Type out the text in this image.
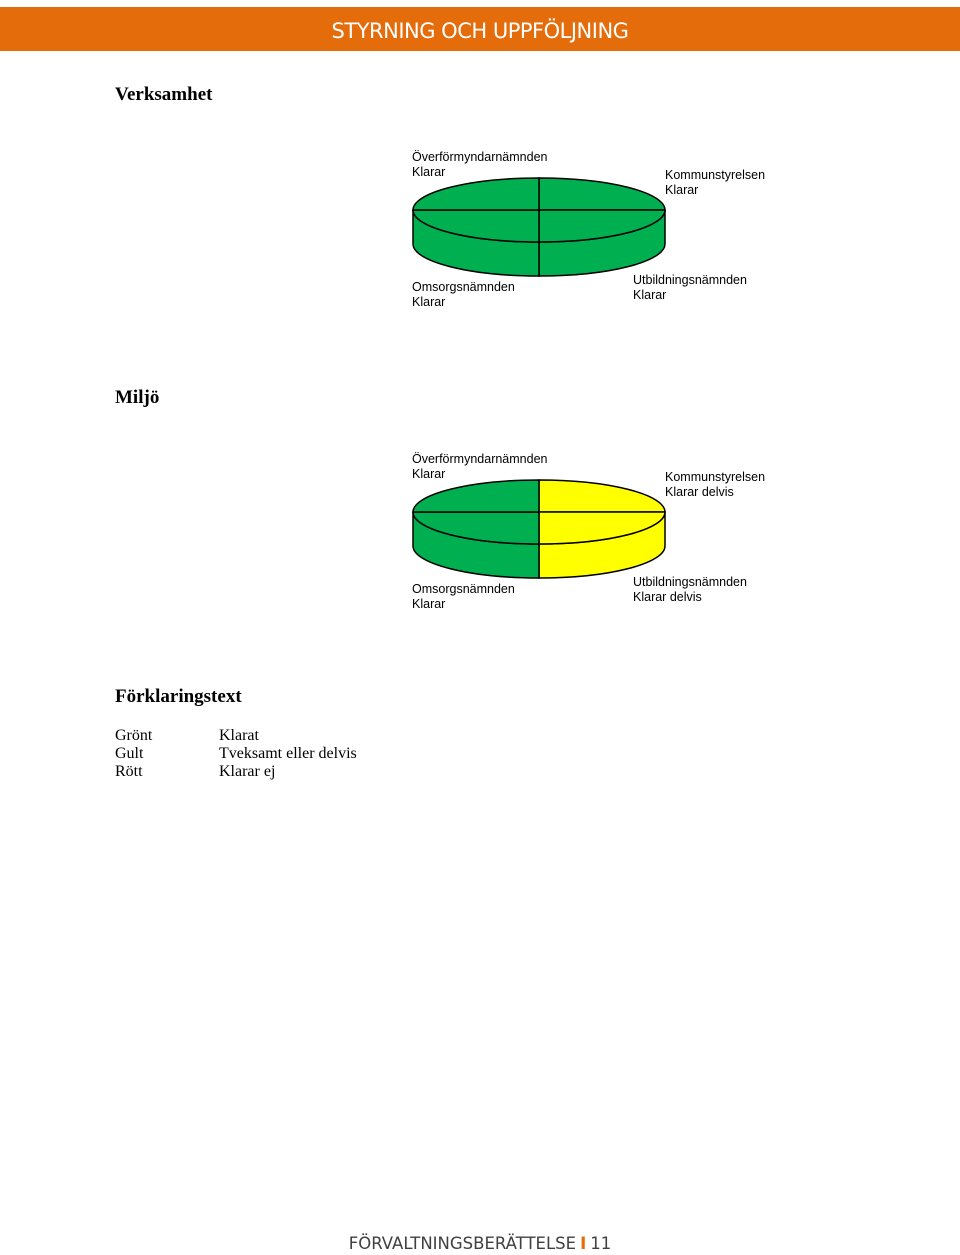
STYRNING OCH UPPFÖLJNING
Verksamhet
Överförmyndarnämnden
Klarar	Kommunstyrelsen
Klarar
Omsorgsnämnden
Klarar
Utbildningsnämnden
Klarar
Miljö
Överförmyndarnämnden
Klarar	Kommunstyrelsen
Klarar delvis
Omsorgsnämnden
Klarar
Utbildningsnämnden
Klarar delvis
Förklaringstext
Grönt	Klarat
Gult	Tveksamt eller delvis
Rött	Klarar ej
FÖRVALTNINGSBERÄTTELSE I 11
